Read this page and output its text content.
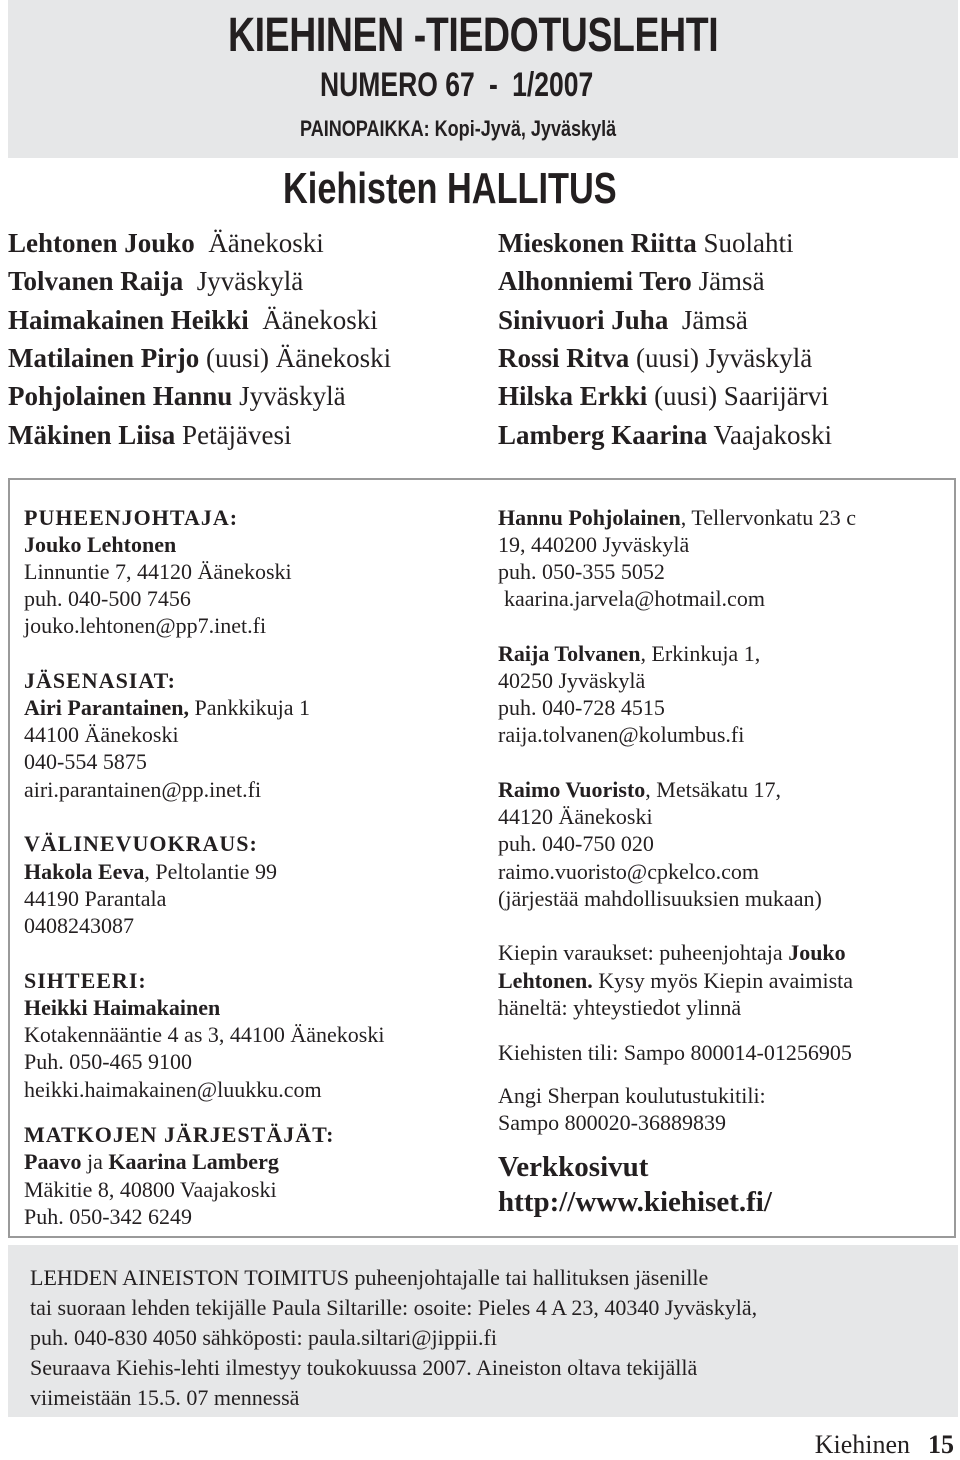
KIEHINEN -TIEDOTUSLEHTI
NUMERO 67 - 1/2007
PAINOPAIKKA: Kopi-Jyvä, Jyväskylä
Kiehisten HALLITUS
Lehtonen Jouko Äänekoski
Tolvanen Raija Jyväskylä
Haimakainen Heikki Äänekoski
Matilainen Pirjo (uusi) Äänekoski
Pohjolainen Hannu Jyväskylä
Mäkinen Liisa Petäjävesi
Mieskonen Riitta Suolahti
Alhonniemi Tero Jämsä
Sinivuori Juha Jämsä
Rossi Ritva (uusi) Jyväskylä
Hilska Erkki (uusi) Saarijärvi
Lamberg Kaarina Vaajakoski
PUHEENJOHTAJA:
Jouko Lehtonen
Linnuntie 7, 44120 Äänekoski
puh. 040-500 7456
jouko.lehtonen@pp7.inet.fi
JÄSENASIAT:
Airi Parantainen, Pankkikuja 1
44100 Äänekoski
040-554 5875
airi.parantainen@pp.inet.fi
VÄLINEVUOKRAUS:
Hakola Eeva, Peltolantie 99
44190 Parantala
0408243087
SIHTEERI:
Heikki Haimakainen
Kotakennääntie 4 as 3, 44100 Äänekoski
Puh. 050-465 9100
heikki.haimakainen@luukku.com
MATKOJEN JÄRJESTÄJÄT:
Paavo ja Kaarina Lamberg
Mäkitie 8, 40800 Vaajakoski
Puh. 050-342 6249
Hannu Pohjolainen, Tellervonkatu 23 c
19, 440200 Jyväskylä
puh. 050-355 5052
kaarina.jarvela@hotmail.com
Raija Tolvanen, Erkinkuja 1,
40250 Jyväskylä
puh. 040-728 4515
raija.tolvanen@kolumbus.fi
Raimo Vuoristo, Metsäkatu 17,
44120 Äänekoski
puh. 040-750 020
raimo.vuoristo@cpkelco.com
(järjestää mahdollisuuksien mukaan)
Kiepin varaukset: puheenjohtaja Jouko
Lehtonen. Kysy myös Kiepin avaimista
häneltä: yhteystiedot ylinnä
Kiehisten tili: Sampo 800014-01256905
Angi Sherpan koulutustukitili:
Sampo 800020-36889839
Verkkosivut
http://www.kiehiset.fi/
LEHDEN AINEISTON TOIMITUS puheenjohtajalle tai hallituksen jäsenille
tai suoraan lehden tekijälle Paula Siltarille: osoite: Pieles 4 A 23, 40340 Jyväskylä,
puh. 040-830 4050 sähköposti: paula.siltari@jippii.fi
Seuraava Kiehis-lehti ilmestyy toukokuussa 2007. Aineiston oltava tekijällä
viimeistään 15.5. 07 mennessä
Kiehinen 15
